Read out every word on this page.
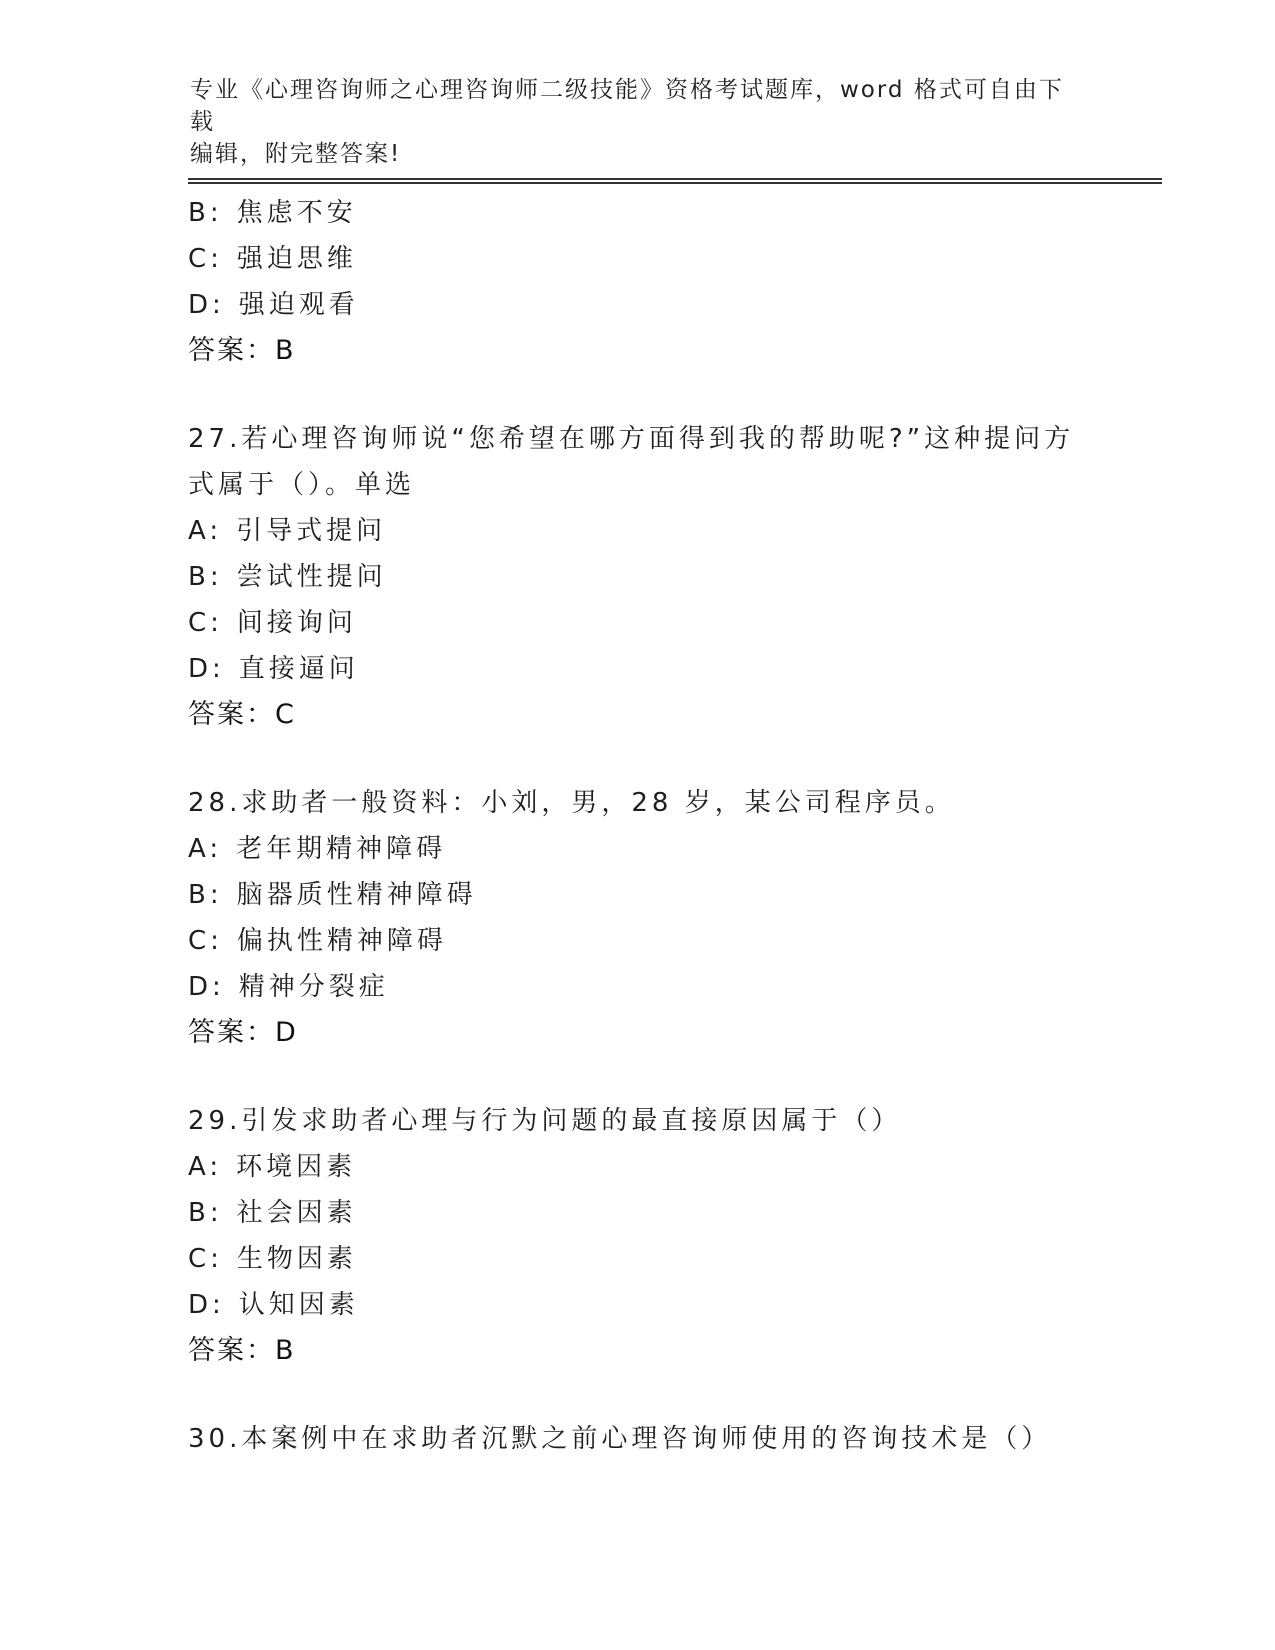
专业《心理咨询师之心理咨询师二级技能》资格考试题库，word 格式可自由下载
编辑，附完整答案!
B: 焦虑不安
C: 强迫思维
D: 强迫观看
答案：B
27.若心理咨询师说“您希望在哪方面得到我的帮助呢?”这种提问方
式属于（）。单选
A: 引导式提问
B: 尝试性提问
C: 间接询问
D: 直接逼问
答案：C
28.求助者一般资料：小刘，男，28 岁，某公司程序员。
A: 老年期精神障碍
B: 脑器质性精神障碍
C: 偏执性精神障碍
D: 精神分裂症
答案：D
29.引发求助者心理与行为问题的最直接原因属于（）
A: 环境因素
B: 社会因素
C: 生物因素
D: 认知因素
答案：B
30.本案例中在求助者沉默之前心理咨询师使用的咨询技术是（）
